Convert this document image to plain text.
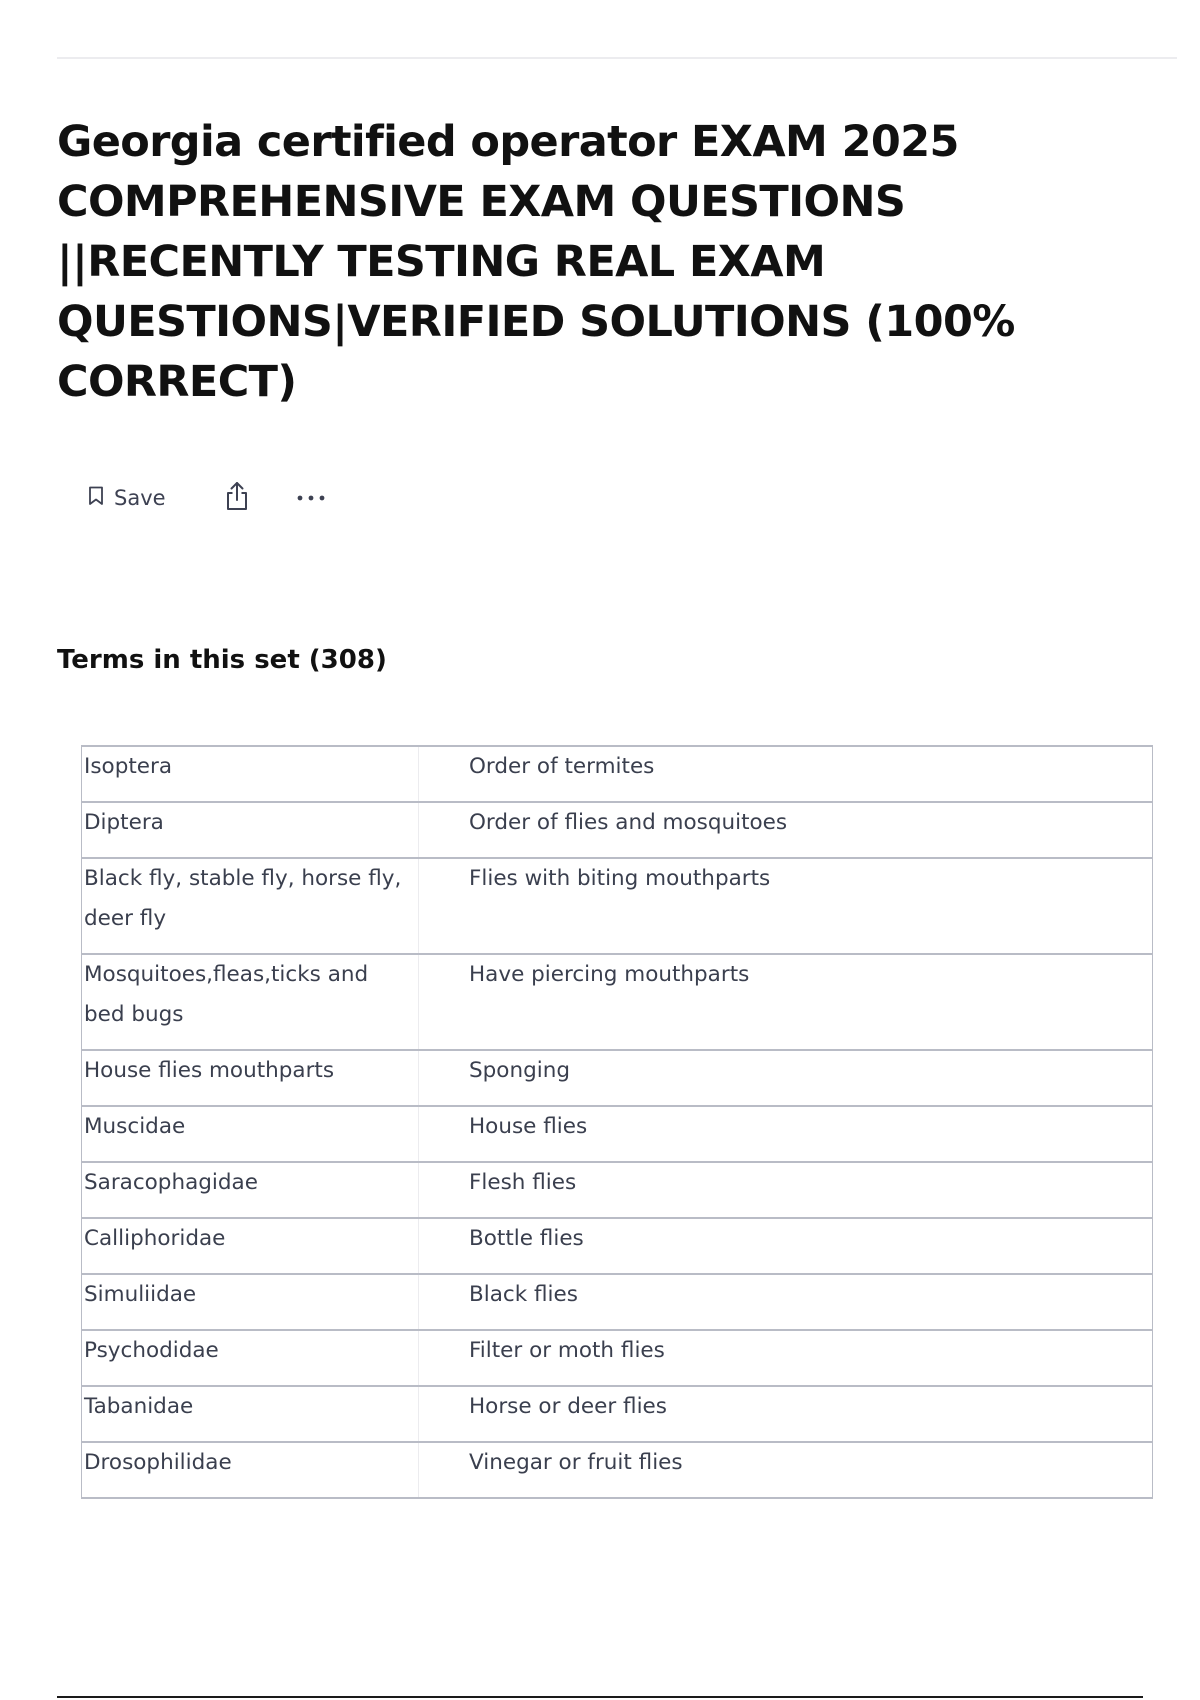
Georgia certified operator EXAM 2025 COMPREHENSIVE EXAM QUESTIONS ||RECENTLY TESTING REAL EXAM QUESTIONS|VERIFIED SOLUTIONS (100% CORRECT)
Save
Terms in this set (308)
Isoptera	Order of termites
Diptera	Order of flies and mosquitoes
Black fly, stable fly, horse fly, deer fly	Flies with biting mouthparts
Mosquitoes,fleas,ticks and bed bugs	Have piercing mouthparts
House flies mouthparts	Sponging
Muscidae	House flies
Saracophagidae	Flesh flies
Calliphoridae	Bottle flies
Simuliidae	Black flies
Psychodidae	Filter or moth flies
Tabanidae	Horse or deer flies
Drosophilidae	Vinegar or fruit flies
